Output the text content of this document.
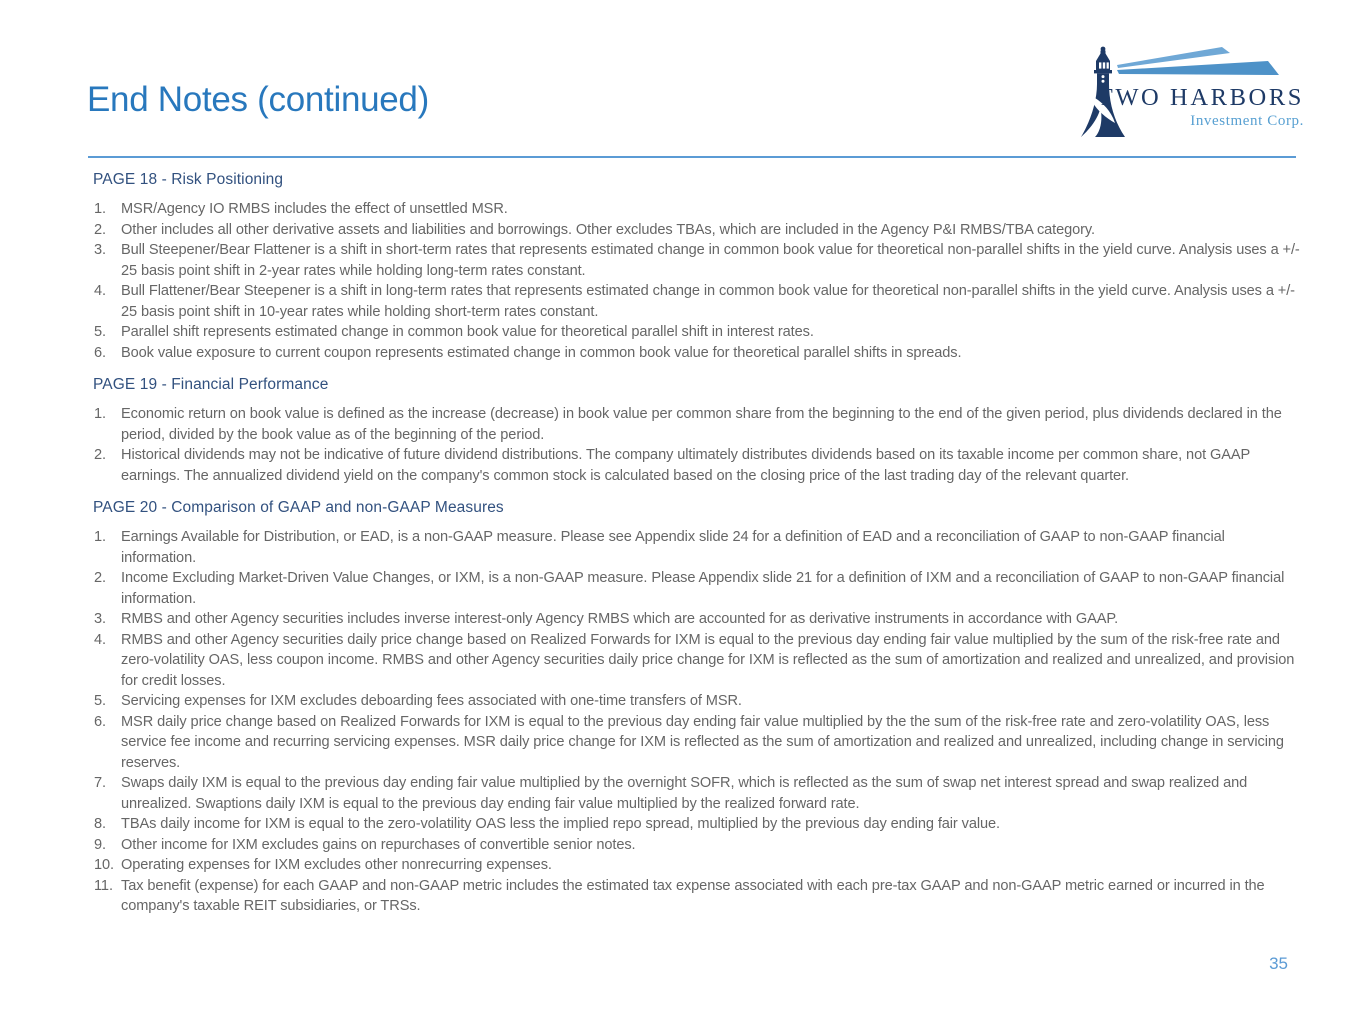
End Notes (continued)	TWO HARBORS
Investment Corp.
PAGE 18 - Risk Positioning
1.	MSR/Agency IO RMBS includes the effect of unsettled MSR.
2.	Other includes all other derivative assets and liabilities and borrowings. Other excludes TBAs, which are included in the Agency P&I RMBS/TBA category.
3.	Bull Steepener/Bear Flattener is a shift in short-term rates that represents estimated change in common book value for theoretical non-parallel shifts in the yield curve. Analysis uses a +/- 25 basis point shift in 2-year rates while holding long-term rates constant.
4.	Bull Flattener/Bear Steepener is a shift in long-term rates that represents estimated change in common book value for theoretical non-parallel shifts in the yield curve. Analysis uses a +/- 25 basis point shift in 10-year rates while holding short-term rates constant.
5.	Parallel shift represents estimated change in common book value for theoretical parallel shift in interest rates.
6.	Book value exposure to current coupon represents estimated change in common book value for theoretical parallel shifts in spreads.
PAGE 19 - Financial Performance
1.	Economic return on book value is defined as the increase (decrease) in book value per common share from the beginning to the end of the given period, plus dividends declared in the period, divided by the book value as of the beginning of the period.
2.	Historical dividends may not be indicative of future dividend distributions. The company ultimately distributes dividends based on its taxable income per common share, not GAAP earnings. The annualized dividend yield on the company's common stock is calculated based on the closing price of the last trading day of the relevant quarter.
PAGE 20 - Comparison of GAAP and non-GAAP Measures
1.	Earnings Available for Distribution, or EAD, is a non-GAAP measure. Please see Appendix slide 24 for a definition of EAD and a reconciliation of GAAP to non-GAAP financial information.
2.	Income Excluding Market-Driven Value Changes, or IXM, is a non-GAAP measure. Please Appendix slide 21 for a definition of IXM and a reconciliation of GAAP to non-GAAP financial information.
3.	RMBS and other Agency securities includes inverse interest-only Agency RMBS which are accounted for as derivative instruments in accordance with GAAP.
4.	RMBS and other Agency securities daily price change based on Realized Forwards for IXM is equal to the previous day ending fair value multiplied by the sum of the risk-free rate and zero-volatility OAS, less coupon income. RMBS and other Agency securities daily price change for IXM is reflected as the sum of amortization and realized and unrealized, and provision for credit losses.
5.	Servicing expenses for IXM excludes deboarding fees associated with one-time transfers of MSR.
6.	MSR daily price change based on Realized Forwards for IXM is equal to the previous day ending fair value multiplied by the the sum of the risk-free rate and zero-volatility OAS, less service fee income and recurring servicing expenses. MSR daily price change for IXM is reflected as the sum of amortization and realized and unrealized, including change in servicing reserves.
7.	Swaps daily IXM is equal to the previous day ending fair value multiplied by the overnight SOFR, which is reflected as the sum of swap net interest spread and swap realized and unrealized. Swaptions daily IXM is equal to the previous day ending fair value multiplied by the realized forward rate.
8.	TBAs daily income for IXM is equal to the zero-volatility OAS less the implied repo spread, multiplied by the previous day ending fair value.
9.	Other income for IXM excludes gains on repurchases of convertible senior notes.
10. Operating expenses for IXM excludes other nonrecurring expenses.
11. Tax benefit (expense) for each GAAP and non-GAAP metric includes the estimated tax expense associated with each pre-tax GAAP and non-GAAP metric earned or incurred in the company's taxable REIT subsidiaries, or TRSs.
35
